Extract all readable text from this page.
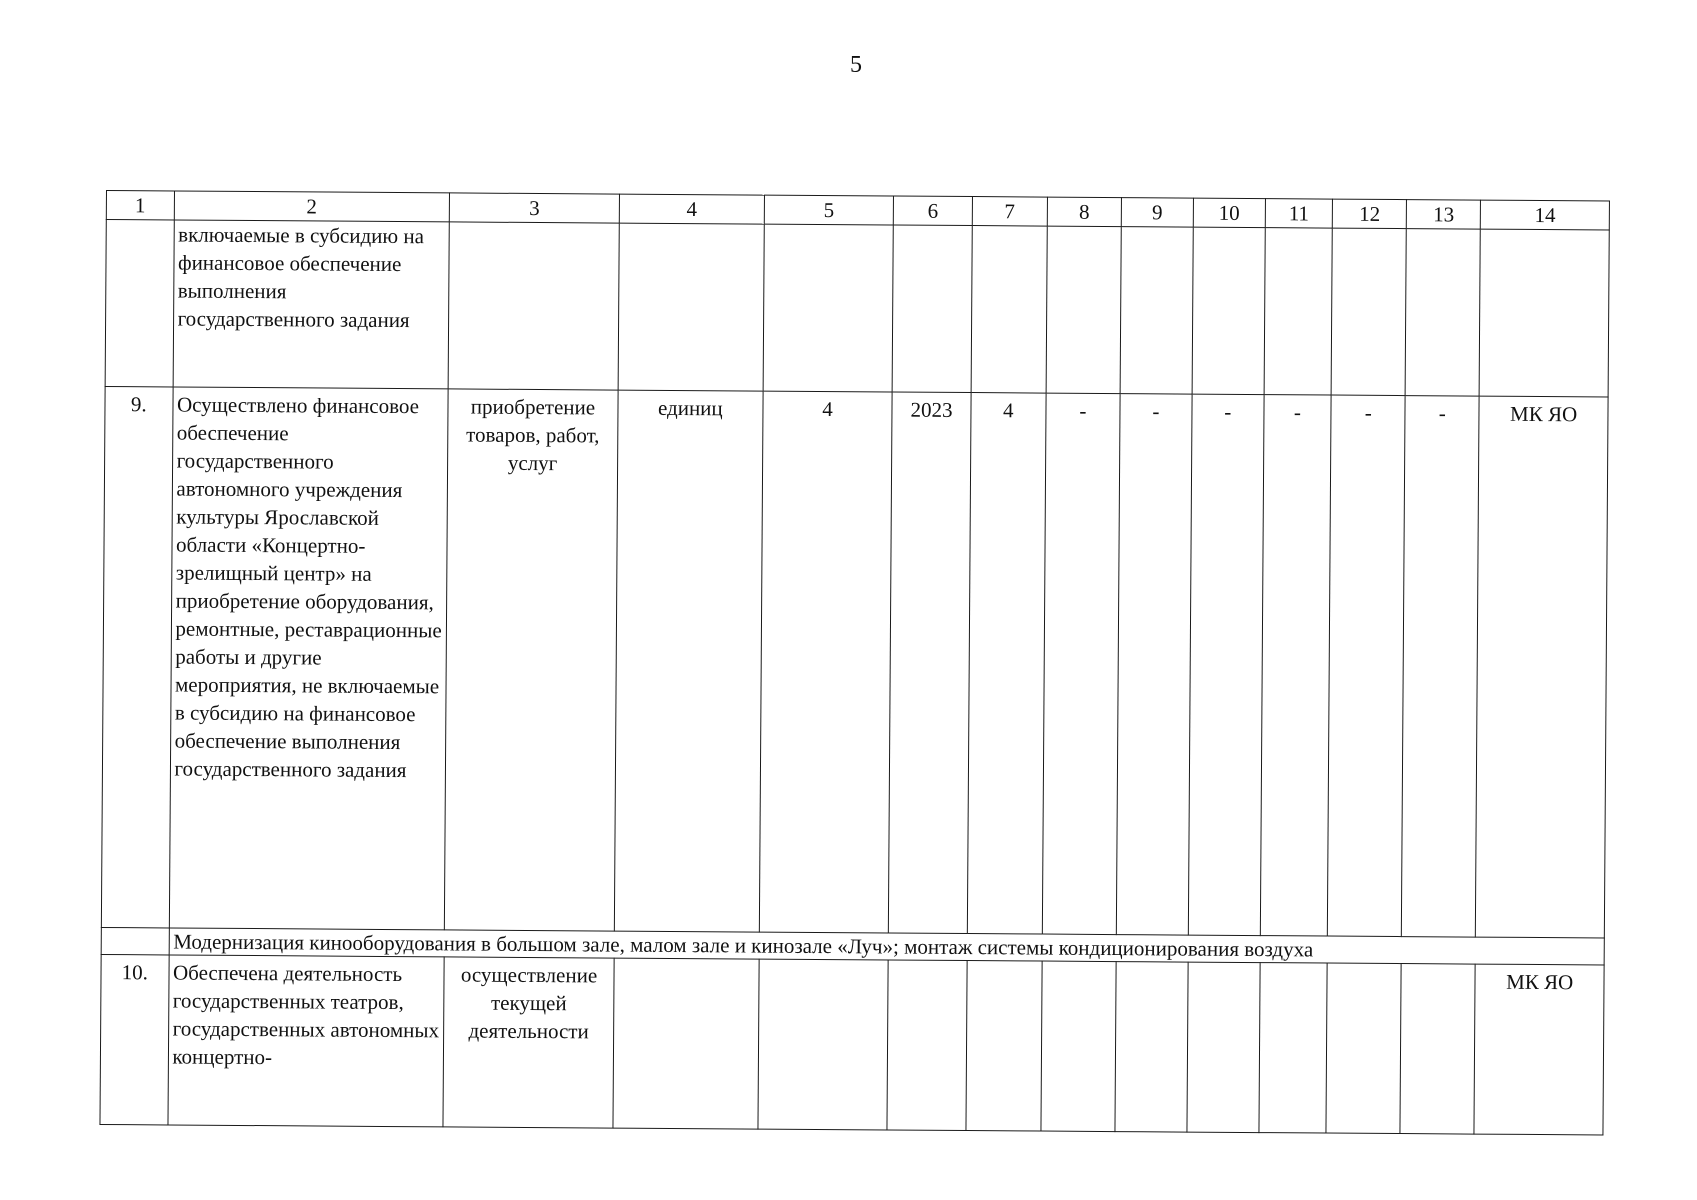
5
1	2	3	4	5	6	7	8	9	10	11	12	13	14
	включаемые в субсидию на финансовое обеспечение выполнения государственного задания												
9.	Осуществлено финансовое обеспечение государственного автономного учреждения культуры Ярославской области «Концертно-зрелищный центр» на приобретение оборудования, ремонтные, реставрационные работы и другие мероприятия, не включаемые в субсидию на финансовое обеспечение выполнения государственного задания	приобретение товаров, работ, услуг	единиц	4	2023	4	-	-	-	-	-	-	МК ЯО
	Модернизация кинооборудования в большом зале, малом зале и кинозале «Луч»; монтаж системы кондиционирования воздуха												
10.	Обеспечена деятельность государственных театров, государственных автономных концертно-	осуществление текущей деятельности											МК ЯО
